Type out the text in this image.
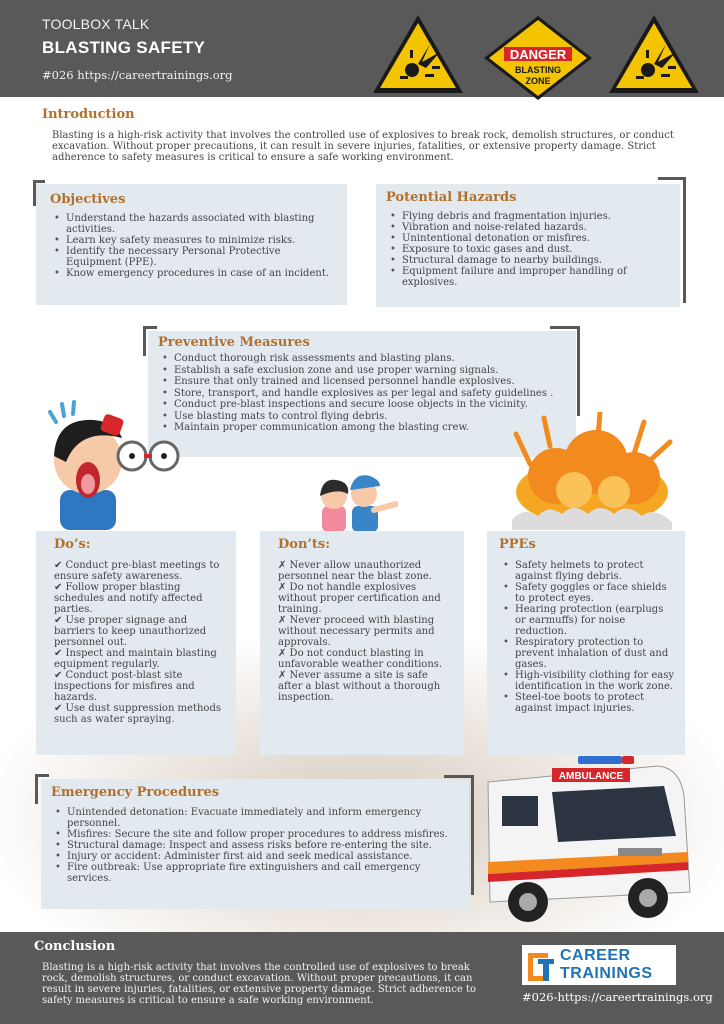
TOOLBOX TALK
BLASTING SAFETY
#026 https://careertrainings.org
DANGER
BLASTING
ZONE
Introduction

Blasting is a high-risk activity that involves the controlled use of explosives to break rock, demolish structures, or conduct excavation. Without proper precautions, it can result in severe injuries, fatalities, or extensive property damage. Strict adherence to safety measures is critical to ensure a safe working environment.

Objectives
• Understand the hazards associated with blasting activities.
• Learn key safety measures to minimize risks.
• Identify the necessary Personal Protective Equipment (PPE).
• Know emergency procedures in case of an incident.
Potential Hazards
• Flying debris and fragmentation injuries.
• Vibration and noise-related hazards.
• Unintentional detonation or misfires.
• Exposure to toxic gases and dust.
• Structural damage to nearby buildings.
• Equipment failure and improper handling of explosives.
Preventive Measures
• Conduct thorough risk assessments and blasting plans.
• Establish a safe exclusion zone and use proper warning signals.
• Ensure that only trained and licensed personnel handle explosives.
• Store, transport, and handle explosives as per legal and safety guidelines .
• Conduct pre-blast inspections and secure loose objects in the vicinity.
• Use blasting mats to control flying debris.
• Maintain proper communication among the blasting crew.
Do’s:

✔ Conduct pre-blast meetings to ensure safety awareness.

✔ Follow proper blasting schedules and notify affected parties.

✔ Use proper signage and barriers to keep unauthorized personnel out.

✔ Inspect and maintain blasting equipment regularly.

✔ Conduct post-blast site inspections for misfires and hazards.

✔ Use dust suppression methods such as water spraying.

Don’ts:

✗ Never allow unauthorized personnel near the blast zone.

✗ Do not handle explosives without proper certification and training.

✗ Never proceed with blasting without necessary permits and approvals.

✗ Do not conduct blasting in unfavorable weather conditions.

✗ Never assume a site is safe after a blast without a thorough inspection.

PPEs
• Safety helmets to protect against flying debris.
• Safety goggles or face shields to protect eyes.
• Hearing protection (earplugs or earmuffs) for noise reduction.
• Respiratory protection to prevent inhalation of dust and gases.
• High-visibility clothing for easy identification in the work zone.
• Steel-toe boots to protect against impact injuries.
Emergency Procedures
• Unintended detonation: Evacuate immediately and inform emergency personnel.
• Misfires: Secure the site and follow proper procedures to address misfires.
• Structural damage: Inspect and assess risks before re-entering the site.
• Injury or accident: Administer first aid and seek medical assistance.
• Fire outbreak: Use appropriate fire extinguishers and call emergency services.
AMBULANCE
Conclusion

Blasting is a high-risk activity that involves the controlled use of explosives to break rock, demolish structures, or conduct excavation. Without proper precautions, it can result in severe injuries, fatalities, or extensive property damage. Strict adherence to safety measures is critical to ensure a safe working environment.

CAREER
TRAININGS
#026-https://careertrainings.org
